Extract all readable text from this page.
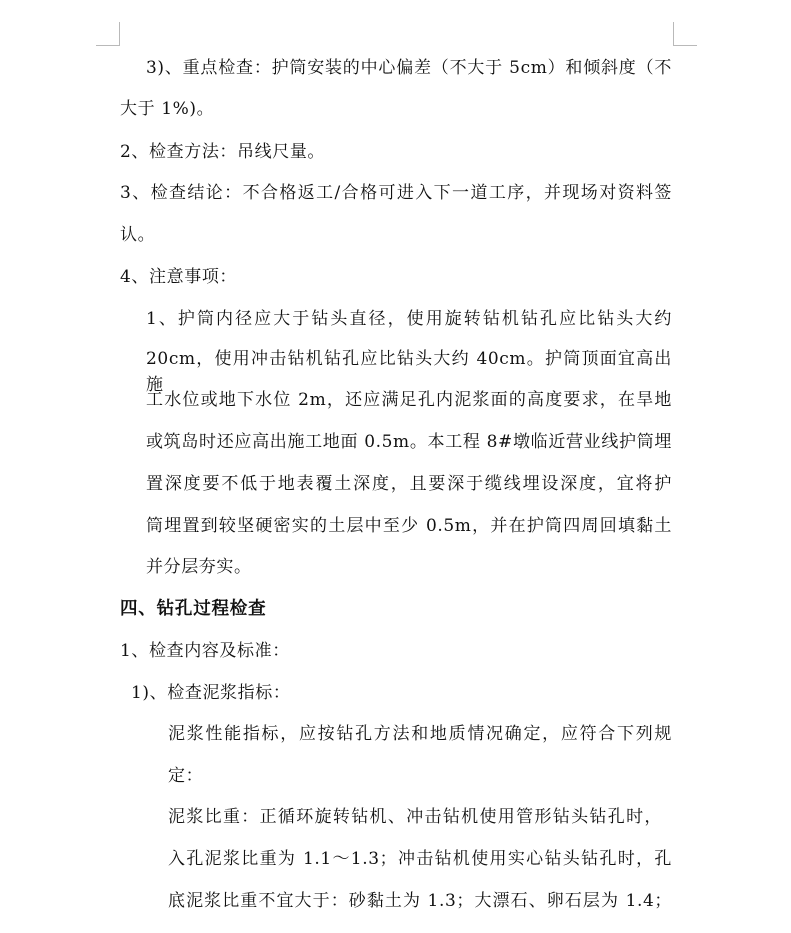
3)、重点检查：护筒安装的中心偏差（不大于 5cm）和倾斜度（不
大于 1%)。
2、检查方法：吊线尺量。
3、检查结论：不合格返工/合格可进入下一道工序，并现场对资料签
认。
4、注意事项：
1、护筒内径应大于钻头直径，使用旋转钻机钻孔应比钻头大约
20cm，使用冲击钻机钻孔应比钻头大约 40cm。护筒顶面宜高出施
工水位或地下水位 2m，还应满足孔内泥浆面的高度要求，在旱地
或筑岛时还应高出施工地面 0.5m。本工程 8#墩临近营业线护筒埋
置深度要不低于地表覆土深度，且要深于缆线埋设深度，宜将护
筒埋置到较坚硬密实的土层中至少 0.5m，并在护筒四周回填黏土
并分层夯实。
四、钻孔过程检查
1、检查内容及标准：
1)、检查泥浆指标：
泥浆性能指标，应按钻孔方法和地质情况确定，应符合下列规
定：
泥浆比重：正循环旋转钻机、冲击钻机使用管形钻头钻孔时，
入孔泥浆比重为 1.1～1.3；冲击钻机使用实心钻头钻孔时，孔
底泥浆比重不宜大于：砂黏土为 1.3；大漂石、卵石层为 1.4；
